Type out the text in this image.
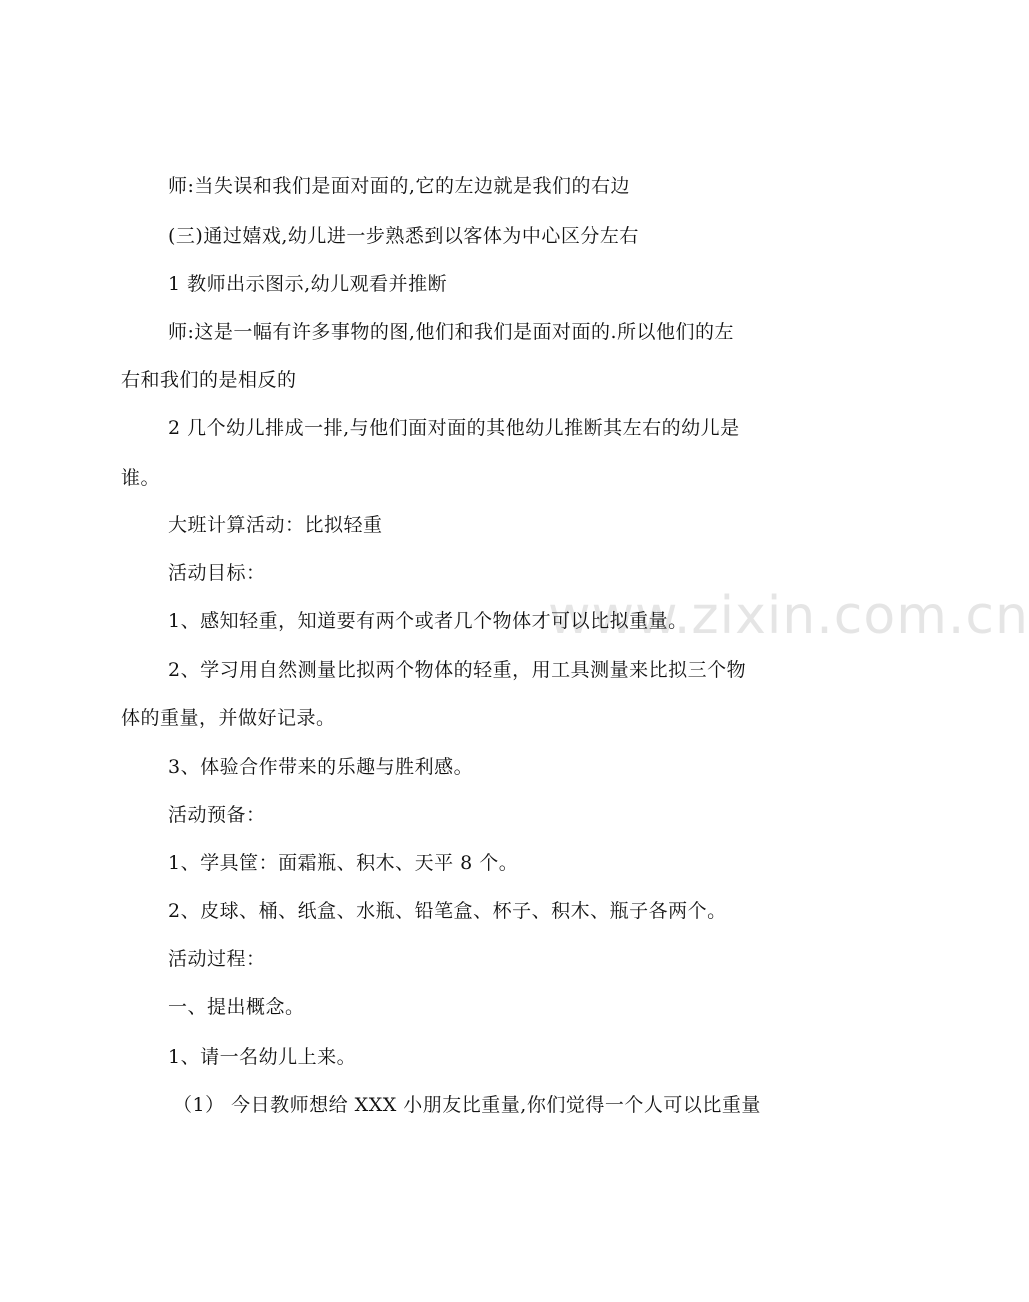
www.zixin.com.cn
师:当失误和我们是面对面的,它的左边就是我们的右边
(三)通过嬉戏,幼儿进一步熟悉到以客体为中心区分左右
1 教师出示图示,幼儿观看并推断
师:这是一幅有许多事物的图,他们和我们是面对面的.所以他们的左
右和我们的是相反的
2 几个幼儿排成一排,与他们面对面的其他幼儿推断其左右的幼儿是
谁。
大班计算活动：比拟轻重
活动目标：
1、感知轻重，知道要有两个或者几个物体才可以比拟重量。
2、学习用自然测量比拟两个物体的轻重，用工具测量来比拟三个物
体的重量，并做好记录。
3、体验合作带来的乐趣与胜利感。
活动预备：
1、学具筐：面霜瓶、积木、天平 8 个。
2、皮球、桶、纸盒、水瓶、铅笔盒、杯子、积木、瓶子各两个。
活动过程：
一、提出概念。
1、请一名幼儿上来。
（1） 今日教师想给 XXX 小朋友比重量,你们觉得一个人可以比重量
